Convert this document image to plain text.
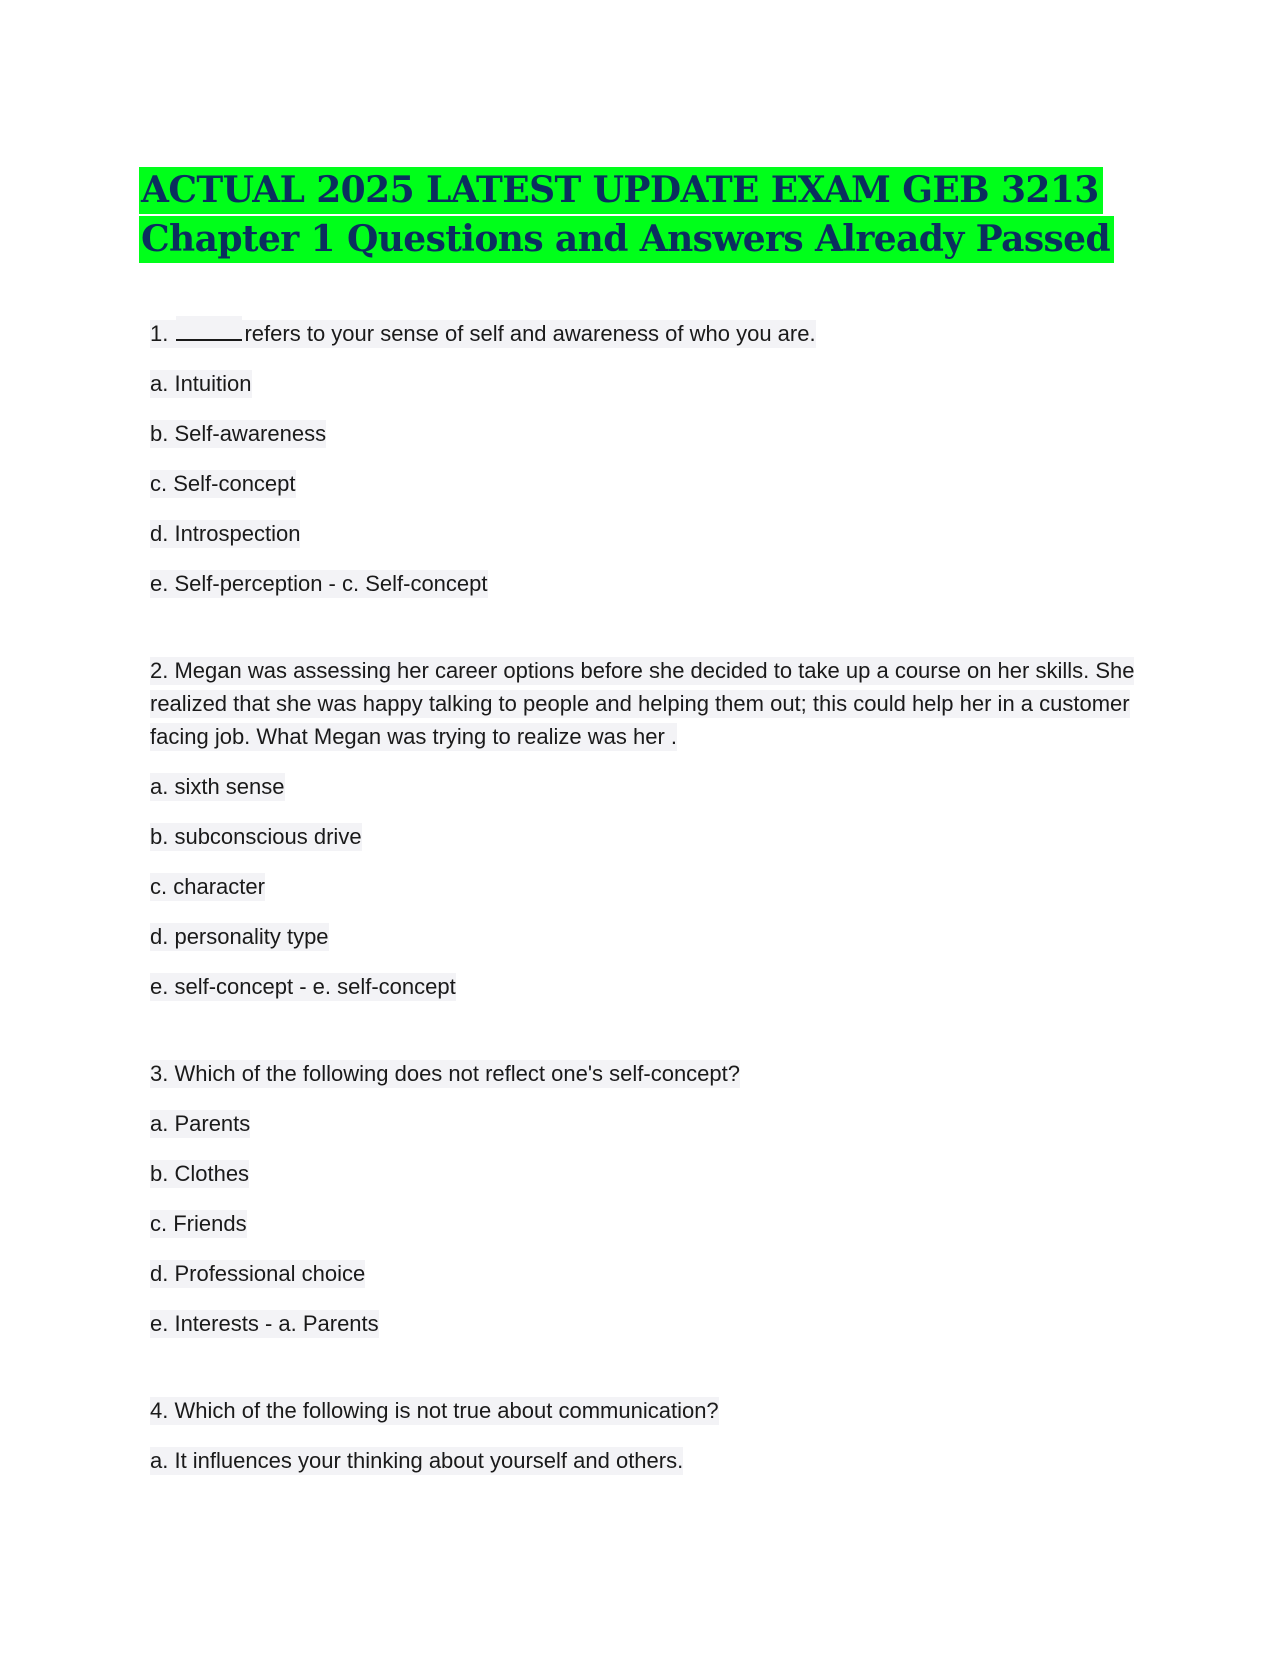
ACTUAL 2025 LATEST UPDATE EXAM GEB 3213
Chapter 1 Questions and Answers Already Passed

1.	refers to your sense of self and awareness of who you are.

a. Intuition

b. Self-awareness

c. Self-concept

d. Introspection

e. Self-perception - c. Self-concept

2. Megan was assessing her career options before she decided to take up a course on her skills. She realized that she was happy talking to people and helping them out; this could help her in a customer facing job. What Megan was trying to realize was her .

a. sixth sense

b. subconscious drive

c. character

d. personality type

e. self-concept - e. self-concept

3. Which of the following does not reflect one's self-concept?

a. Parents

b. Clothes

c. Friends

d. Professional choice

e. Interests - a. Parents

4. Which of the following is not true about communication?

a. It influences your thinking about yourself and others.
